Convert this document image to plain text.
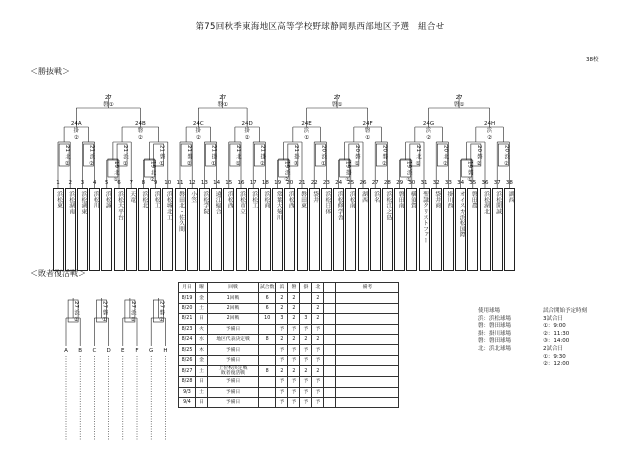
第75回秋季東海地区高等学校野球静岡県西部地区予選　組合せ
38校
＜勝抜戦＞
＜敗者復活戦＞
浜松東
1
浜松湖南
2
浜松湖東
3
浜松川
4
浜松誠
5
浜松大平台
6
天竜
7
浜松北
8
浜松工
9
浜松城北工
10
磐田北・佐久間
11
小笠
12
浜松学院
13
遠江総合
14
浜松西
15
浜松市立
16
浜松工
17
浜松商
18
常葉大菊川
19
浜松西
20
磐田東
21
袋井
22
浜松日体
23
浜松修学舎
24
浜松南
25
湖西
26
浜名
27
浜松江之島
28
磐田南
29
横須賀
30
聖隷クリストファー
31
袋井商
32
掛川西
33
オイスカ浜松国際
34
磐田農
35
浜松湖北
36
浜松開誠
37
湖西
38
21 北 ②	21 浜 ②
24A
掛
②
19 北 ①
21 浜 ①
19 北 ②
21 磐 ①
24B
磐
②
21 磐 ②	21 掛 ①
24C
掛
②
21 北 ①	21 掛 ②
24D
掛
②
19 浜 ②
21 掛 ③	20 浜 ①
24E
浜
①
19 掛 ①
20 磐 ①	20 磐 ②
24F
磐
①
19 浜 ①
21 北 ①	20 北 ②
24G
浜
②
19 磐 ①
20 磐 ②	20 浜 ②
24H
浜
②
27
磐①
27
磐①
27
磐①
27
磐①
A	B	C	D	E	F	G	H
27 浜 ②	27 磐 ①	27 浜 ①	27 磐 ②
月日	曜	回戦	試合数	浜	磐	掛	北		備考
8/19	金	1回戦	6	2	2		2		
8/20	土	2回戦	6	2	2		2		
8/21	日	2回戦	10	3	2	3	2		
8/23	火	予備日		予	予	予	予		
8/24	水	地区代表決定戦	8	2	2	2	2		
8/25	木	予備日		予	予	予	予		
8/26	金	予備日		予	予	予	予		
8/27	土	上位校決定戦
敗者復活戦	8	2	2	2	2		
8/28	日	予備日		予	予	予	予		
9/3	土	予備日		予	予	予	予		
9/4	日	予備日		予	予	予	予		
使用球場
浜：浜松球場
磐：磐田球場
掛：掛川球場
磐：磐田球場
北：浜北球場
試合開始予定時刻
3試合日
①：9:00
②：11:30
③：14:00
2試合日
①：9:30
②：12:00
